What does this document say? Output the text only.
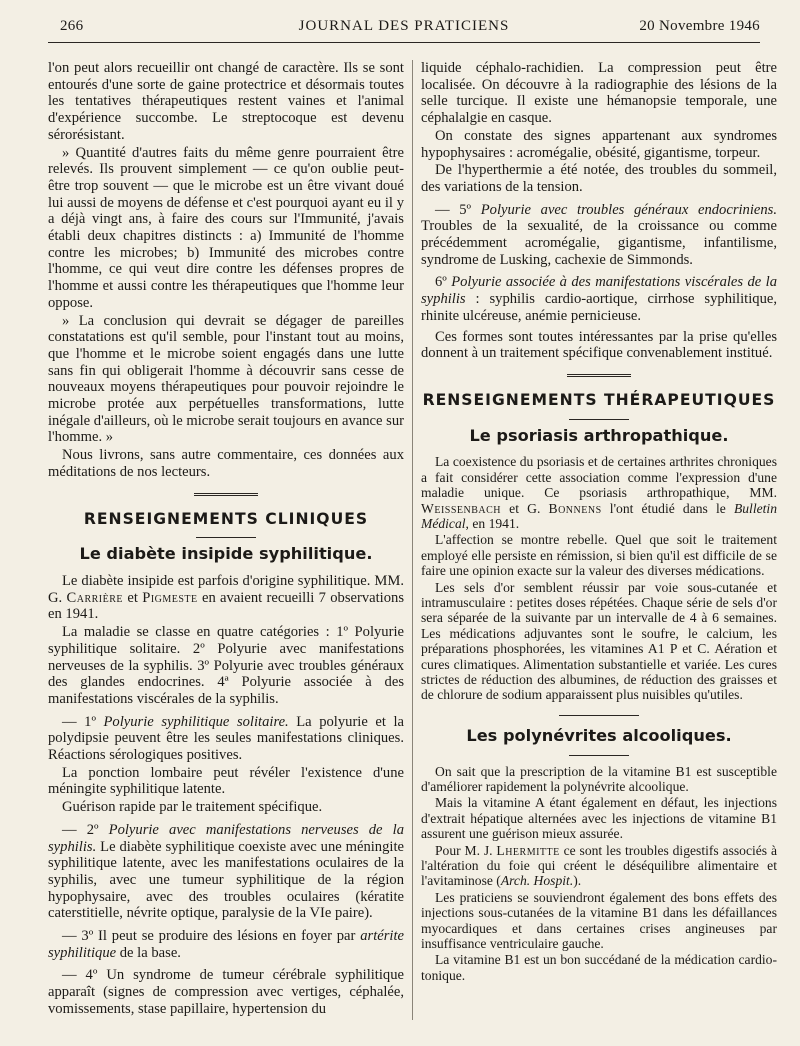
266	JOURNAL DES PRATICIENS	20 Novembre 1946

l'on peut alors recueillir ont changé de caractère. Ils se sont entourés d'une sorte de gaine protectrice et désormais toutes les tentatives thérapeutiques restent vaines et l'animal d'expérience succombe. Le streptocoque est devenu sérorésistant.

» Quantité d'autres faits du même genre pourraient être relevés. Ils prouvent simplement — ce qu'on oublie peut-être trop souvent — que le microbe est un être vivant doué lui aussi de moyens de défense et c'est pourquoi ayant eu il y a déjà vingt ans, à faire des cours sur l'Immunité, j'avais établi deux chapitres distincts : a) Immunité de l'homme contre les microbes; b) Immunité des microbes contre l'homme, ce qui veut dire contre les défenses propres de l'homme et aussi contre les thérapeutiques que l'homme leur oppose.

» La conclusion qui devrait se dégager de pareilles constatations est qu'il semble, pour l'instant tout au moins, que l'homme et le microbe soient engagés dans une lutte sans fin qui obligerait l'homme à découvrir sans cesse de nouveaux moyens thérapeutiques pour pouvoir rejoindre le microbe protée aux perpétuelles transformations, lutte inégale d'ailleurs, où le microbe serait toujours en avance sur l'homme. »

Nous livrons, sans autre commentaire, ces données aux méditations de nos lecteurs.

RENSEIGNEMENTS CLINIQUES
Le diabète insipide syphilitique.

Le diabète insipide est parfois d'origine syphilitique. MM. G. Carrière et Pigmeste en avaient recueilli 7 observations en 1941.

La maladie se classe en quatre catégories : 1º Polyurie syphilitique solitaire. 2º Polyurie avec manifestations nerveuses de la syphilis. 3º Polyurie avec troubles généraux des glandes endocrines. 4ª Polyurie associée à des manifestations viscérales de la syphilis.

— 1º Polyurie syphilitique solitaire. La polyurie et la polydipsie peuvent être les seules manifestations cliniques. Réactions sérologiques positives.

La ponction lombaire peut révéler l'existence d'une méningite syphilitique latente.

Guérison rapide par le traitement spécifique.

— 2º Polyurie avec manifestations nerveuses de la syphilis. Le diabète syphilitique coexiste avec une méningite syphilitique latente, avec les manifestations oculaires de la syphilis, avec une tumeur syphilitique de la région hypophysaire, avec des troubles oculaires (kératite caterstitielle, névrite optique, paralysie de la VIe paire).

— 3º Il peut se produire des lésions en foyer par artérite syphilitique de la base.

— 4º Un syndrome de tumeur cérébrale syphilitique apparaît (signes de compression avec vertiges, céphalée, vomissements, stase papillaire, hypertension du

liquide céphalo-rachidien. La compression peut être localisée. On découvre à la radiographie des lésions de la selle turcique. Il existe une hémanopsie temporale, une céphalalgie en casque.

On constate des signes appartenant aux syndromes hypophysaires : acromégalie, obésité, gigantisme, torpeur.

De l'hyperthermie a été notée, des troubles du sommeil, des variations de la tension.

— 5º Polyurie avec troubles généraux endocriniens. Troubles de la sexualité, de la croissance ou comme précédemment acromégalie, gigantisme, infantilisme, syndrome de Lusking, cachexie de Simmonds.

6º Polyurie associée à des manifestations viscérales de la syphilis : syphilis cardio-aortique, cirrhose syphilitique, rhinite ulcéreuse, anémie pernicieuse.

Ces formes sont toutes intéressantes par la prise qu'elles donnent à un traitement spécifique convenablement institué.

RENSEIGNEMENTS THÉRAPEUTIQUES
Le psoriasis arthropathique.

La coexistence du psoriasis et de certaines arthrites chroniques a fait considérer cette association comme l'expression d'une maladie unique. Ce psoriasis arthropathique, MM. Weissenbach et G. Bonnens l'ont étudié dans le Bulletin Médical, en 1941.

L'affection se montre rebelle. Quel que soit le traitement employé elle persiste en rémission, si bien qu'il est difficile de se faire une opinion exacte sur la valeur des diverses médications.

Les sels d'or semblent réussir par voie sous-cutanée et intramusculaire : petites doses répétées. Chaque série de sels d'or sera séparée de la suivante par un intervalle de 4 à 6 semaines. Les médications adjuvantes sont le soufre, le calcium, les préparations phosphorées, les vitamines A1 P et C. Aération et cures climatiques. Alimentation substantielle et variée. Les cures strictes de réduction des albumines, de réduction des graisses et de chlorure de sodium apparaissent plus nuisibles qu'utiles.

Les polynévrites alcooliques.

On sait que la prescription de la vitamine B1 est susceptible d'améliorer rapidement la polynévrite alcoolique.

Mais la vitamine A étant également en défaut, les injections d'extrait hépatique alternées avec les injections de vitamine B1 assurent une guérison mieux assurée.

Pour M. J. Lhermitte ce sont les troubles digestifs associés à l'altération du foie qui créent le déséquilibre alimentaire et l'avitaminose (Arch. Hospit.).

Les praticiens se souviendront également des bons effets des injections sous-cutanées de la vitamine B1 dans les défaillances myocardiques et dans certaines crises angineuses par insuffisance ventriculaire gauche.

La vitamine B1 est un bon succédané de la médication cardio-tonique.
